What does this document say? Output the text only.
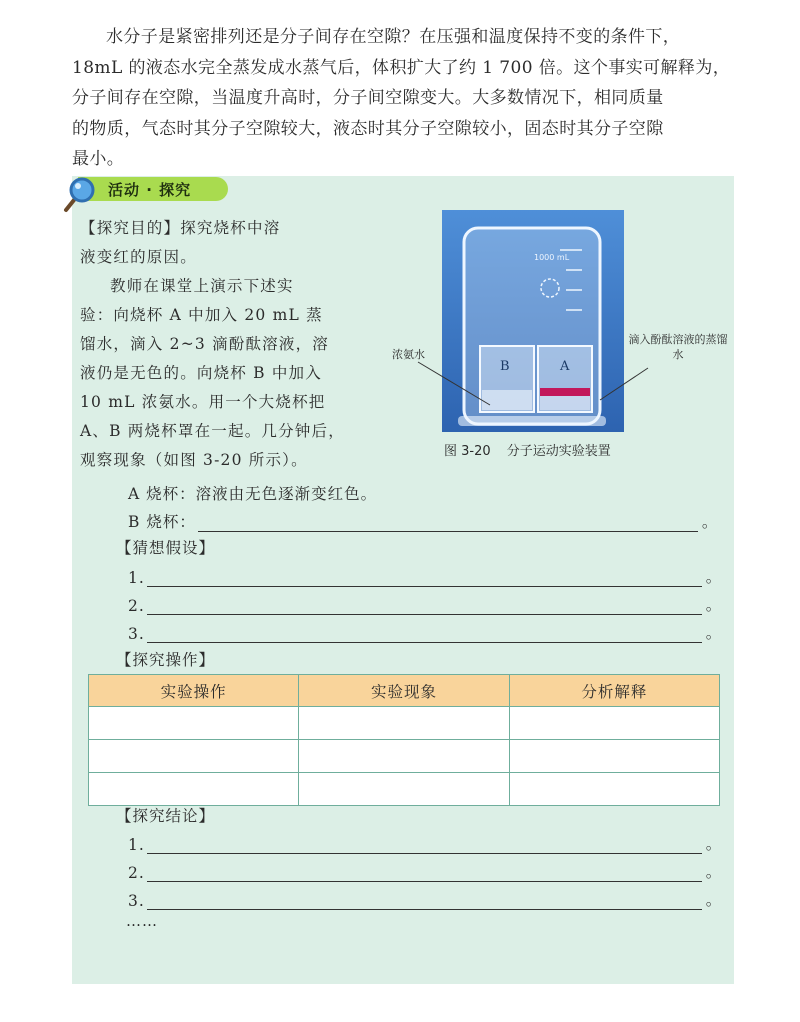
水分子是紧密排列还是分子间存在空隙？在压强和温度保持不变的条件下，

18mL 的液态水完全蒸发成水蒸气后，体积扩大了约 1 700 倍。这个事实可解释为，
分子间存在空隙，当温度升高时，分子间空隙变大。大多数情况下，相同质量
的物质，气态时其分子空隙较大，液态时其分子空隙较小，固态时其分子空隙
最小。
活动 · 探究

【探究目的】探究烧杯中溶

液变红的原因。

教师在课堂上演示下述实

验：向烧杯 A 中加入 20 mL 蒸

馏水，滴入 2~3 滴酚酞溶液，溶

液仍是无色的。向烧杯 B 中加入

10 mL 浓氨水。用一个大烧杯把

A、B 两烧杯罩在一起。几分钟后，

观察现象（如图 3-20 所示）。

1000 mL
B	A
浓氨水
滴入酚酞溶液的蒸馏水
图 3-20 分子运动实验装置
A 烧杯：溶液由无色逐渐变红色。
B 烧杯：	。
【猜想假设】
1.	。
2.	。
3.	。
【探究操作】
实验操作	实验现象	分析解释

【探究结论】
1.	。
2.	。
3.	。
……
